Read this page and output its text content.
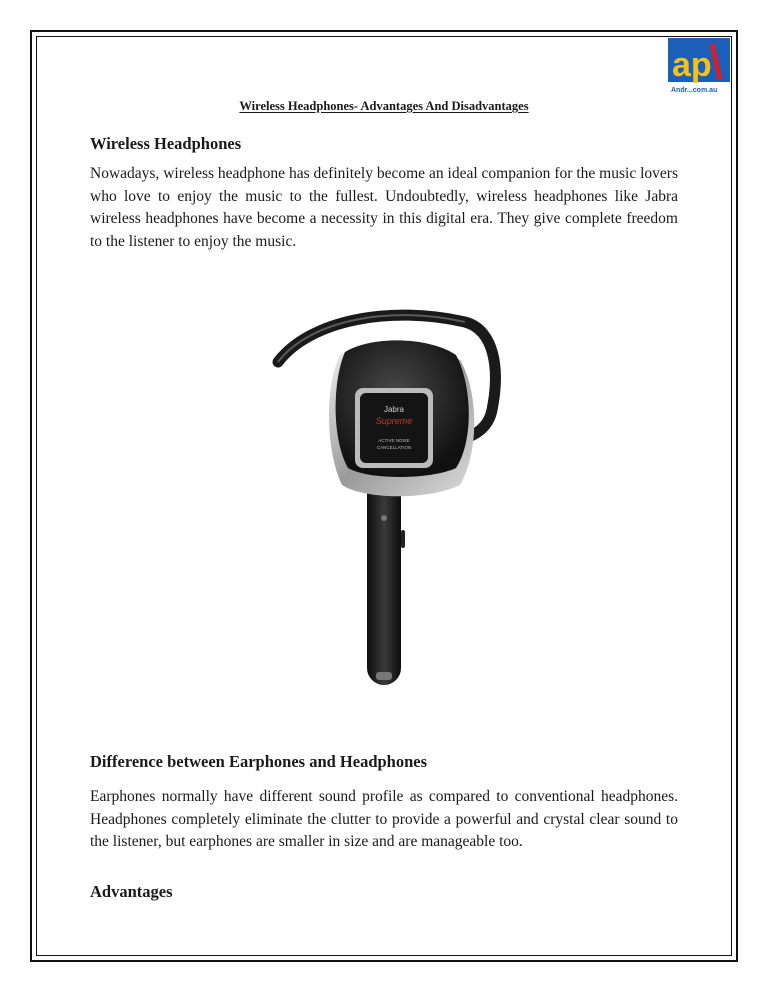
ap
Andr...com.au
Wireless Headphones- Advantages And Disadvantages
Wireless Headphones

Nowadays, wireless headphone has definitely become an ideal companion for the music lovers who love to enjoy the music to the fullest. Undoubtedly, wireless headphones like Jabra wireless headphones have become a necessity in this digital era. They give complete freedom to the listener to enjoy the music.

Jabra
Supreme
ACTIVE NOISE
CANCELLATION
Difference between Earphones and Headphones

Earphones normally have different sound profile as compared to conventional headphones. Headphones completely eliminate the clutter to provide a powerful and crystal clear sound to the listener, but earphones are smaller in size and are manageable too.

Advantages
